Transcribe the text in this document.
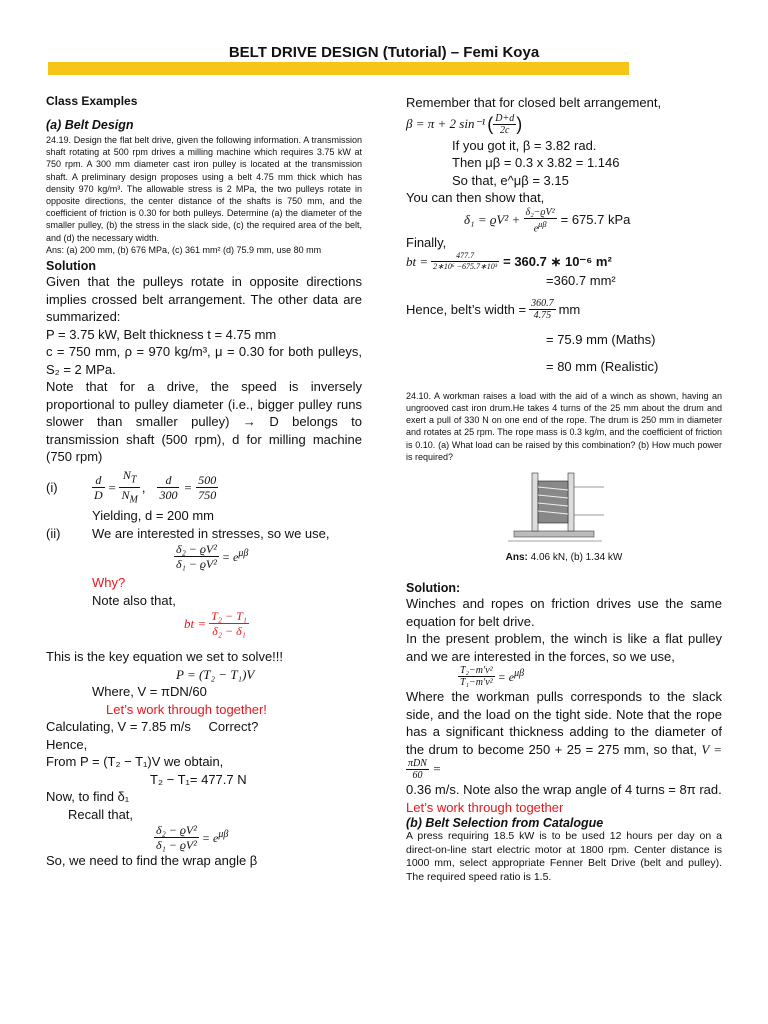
BELT DRIVE DESIGN (Tutorial) – Femi Koya

Class Examples

(a) Belt Design

24.19. Design the flat belt drive, given the following information. A transmission shaft rotating at 500 rpm drives a milling machine which requires 3.75 kW at 750 rpm. A 300 mm diameter cast iron pulley is located at the transmission shaft. A preliminary design proposes using a belt 4.75 mm thick which has density 970 kg/m³. The allowable stress is 2 MPa, the two pulleys rotate in opposite directions, the center distance of the shafts is 750 mm, and the coefficient of friction is 0.30 for both pulleys. Determine (a) the diameter of the smaller pulley, (b) the stress in the slack side, (c) the required area of the belt, and (d) the necessary width.

Ans: (a) 200 mm, (b) 676 MPa, (c) 361 mm² (d) 75.9 mm, use 80 mm

Solution

Given that the pulleys rotate in opposite directions implies crossed belt arrangement. The other data are summarized:

P = 3.75 kW, Belt thickness t = 4.75 mm

c = 750 mm, ρ = 970 kg/m³, μ = 0.30 for both pulleys, S₂ = 2 MPa.

Note that for a drive, the speed is inversely proportional to pulley diameter (i.e., bigger pulley runs slower than smaller pulley) → D belongs to transmission shaft (500 rpm), d for milling machine (750 rpm)

(i)	$\frac{d}{D} = \frac{N_T}{N_M}$ , $\frac{d}{300} = \frac{500}{750}$

Yielding, d = 200 mm

(ii)	We are interested in stresses, so we use,
$\frac{\text{δ₂ − ϱV²}}{\text{δ₁ − ϱV²}} = e^{\mu\beta}$

Why?

Note also that,

bt = $\frac{\text{T₂ − T₁}}{\text{δ₂ − δ₁}}$

This is the key equation we set to solve!!!

P = (T₂ − T₁)V

Where, V = πDN/60

Let’s work through together!

Calculating, V = 7.85 m/s Correct?

Hence,

From P = (T₂ − T₁)V we obtain,

T₂ − T₁= 477.7 N

Now, to find δ₁

Recall that,

$\frac{\text{δ₂ − ϱV²}}{\text{δ₁ − ϱV²}} = e^{\mu\beta}$

So, we need to find the wrap angle β

Remember that for closed belt arrangement,

β = π + 2 sin⁻¹ ( $\frac{D+d}{2c}$ )

If you got it, β = 3.82 rad.

Then μβ = 0.3 x 3.82 = 1.146

So that, e^μβ = 3.15

You can then show that,

$\delta_1 = ϱV^2 + \frac{\text{δ₂−ϱV²}}{e^{\mu\beta}} = 675.7$ kPa

Finally,

bt = $\frac{477.7}{\text{2∗10⁶ −675.7∗10³}} = 360.7$ ∗ 10⁻⁶ m²

=360.7 mm²

Hence, belt’s width = $\frac{360.7}{4.75}$ mm

= 75.9 mm (Maths)

= 80 mm (Realistic)

24.10. A workman raises a load with the aid of a winch as shown, having an ungrooved cast iron drum.He takes 4 turns of the 25 mm about the drum and exert a pull of 330 N on one end of the rope. The drum is 250 mm in diameter and rotates at 25 rpm. The rope mass is 0.3 kg/m, and the coefficient of friction is 0.10. (a) What load can be raised by this combination? (b) How much power is required?

Ans: 4.06 kN, (b) 1.34 kW

Solution:

Winches and ropes on friction drives use the same equation for belt drive.

In the present problem, the winch is like a flat pulley and we are interested in the forces, so we use,

$\frac{\text{T₂−m′v²}}{\text{T₁−m′v²}} = e^{\mu\beta}$
Where the workman pulls corresponds to the slack side, and the load on the tight side. Note that the rope has a significant thickness adding to the diameter of the drum to become 250 + 25 = 275 mm, so that, V =
$\frac{\text{πDN}}{60}$ =

0.36 m/s. Note also the wrap angle of 4 turns = 8π rad.

Let’s work through together

(b) Belt Selection from Catalogue

A press requiring 18.5 kW is to be used 12 hours per day on a direct-on-line start electric motor at 1800 rpm. Center distance is 1000 mm, select appropriate Fenner Belt Drive (belt and pulley). The required speed ratio is 1.5.
